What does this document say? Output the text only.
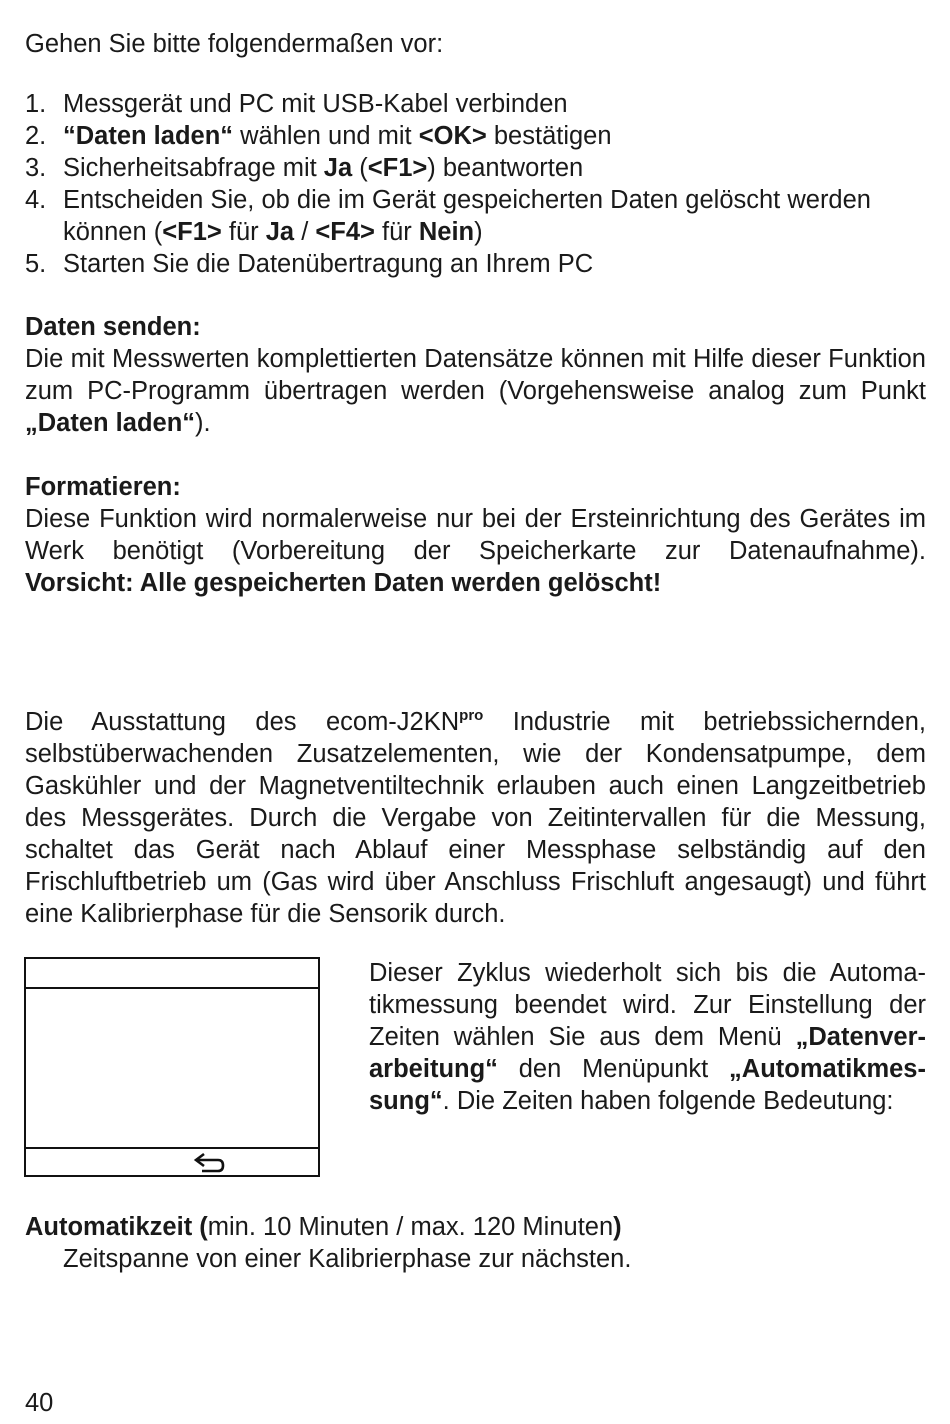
Gehen Sie bitte folgendermaßen vor:

1. Messgerät und PC mit USB-Kabel verbinden
2. “Daten laden“ wählen und mit <OK> bestätigen
3. Sicherheitsabfrage mit Ja (<F1>) beantworten
4. Entscheiden Sie, ob die im Gerät gespeicherten Daten gelöscht werden
können (<F1> für Ja / <F4> für Nein)
5. Starten Sie die Datenübertragung an Ihrem PC
Daten senden:
Die mit Messwerten komplettierten Datensätze können mit Hilfe dieser Funktion zum PC-Programm übertragen werden (Vorgehensweise analog zum Punkt „Daten laden“).
Formatieren:
Diese Funktion wird normalerweise nur bei der Ersteinrichtung des Gerätes im Werk benötigt (Vorbereitung der Speicherkarte zur Datenaufnahme).
Vorsicht: Alle gespeicherten Daten werden gelöscht!
Die Ausstattung des ecom-$J2KN^{pro}$ Industrie mit betriebssichernden, selbstüberwachenden Zusatzelementen, wie der Kondensatpumpe, dem Gaskühler und der Magnetventiltechnik erlauben auch einen Langzeitbetrieb des Messgerätes. Durch die Vergabe von Zeitintervallen für die Messung, schaltet das Gerät nach Ablauf einer Messphase selbständig auf den Frischluftbetrieb um (Gas wird über Anschluss Frischluft angesaugt) und führt eine Kalibrierphase für die Sensorik durch.
Dieser Zyklus wiederholt sich bis die Automatikmessung beendet wird. Zur Einstellung der Zeiten wählen Sie aus dem Menü „Datenverarbeitung“ den Menüpunkt „Automatikmessung“. Die Zeiten haben folgende Bedeutung:
Automatikzeit (min. 10 Minuten / max. 120 Minuten)
Zeitspanne von einer Kalibrierphase zur nächsten.
40
